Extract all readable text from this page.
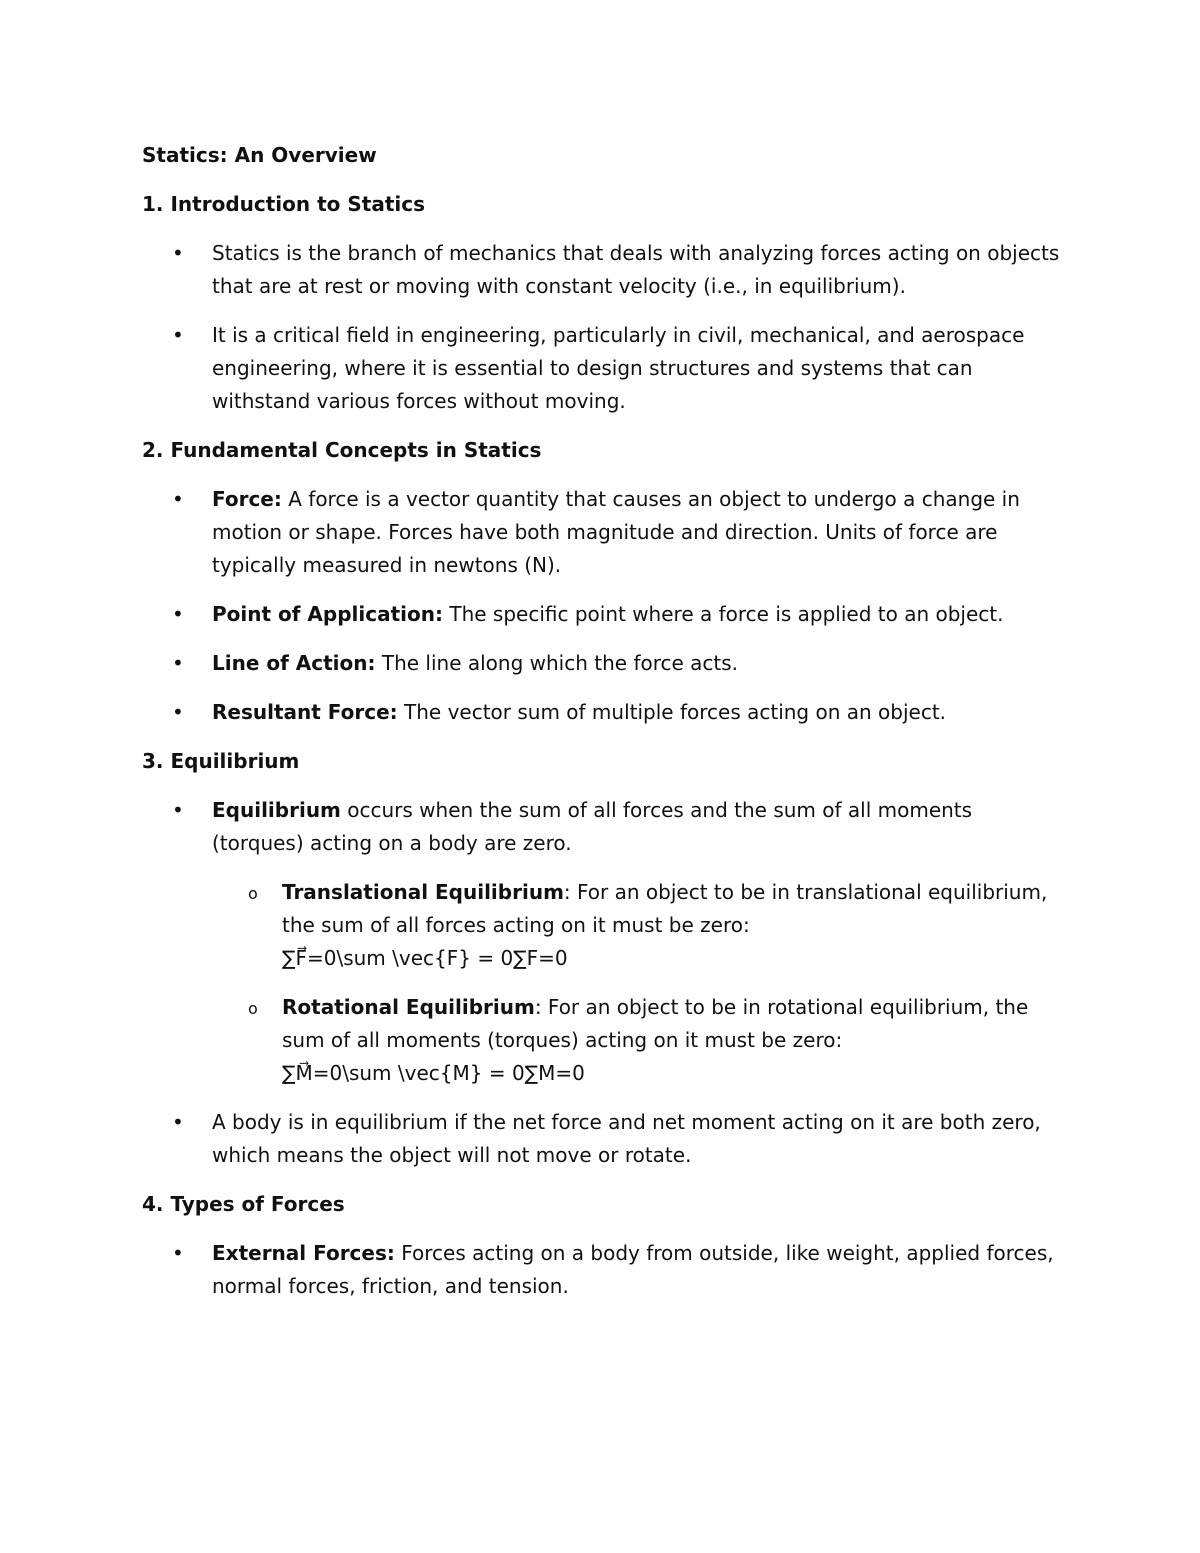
Statics: An Overview

1. Introduction to Statics

• Statics is the branch of mechanics that deals with analyzing forces acting on objects that are at rest or moving with constant velocity (i.e., in equilibrium).
• It is a critical field in engineering, particularly in civil, mechanical, and aerospace engineering, where it is essential to design structures and systems that can withstand various forces without moving.

2. Fundamental Concepts in Statics

• Force: A force is a vector quantity that causes an object to undergo a change in motion or shape. Forces have both magnitude and direction. Units of force are typically measured in newtons (N).
• Point of Application: The specific point where a force is applied to an object.
• Line of Action: The line along which the force acts.
• Resultant Force: The vector sum of multiple forces acting on an object.

3. Equilibrium

• Equilibrium occurs when the sum of all forces and the sum of all moments (torques) acting on a body are zero.
o Translational Equilibrium: For an object to be in translational equilibrium, the sum of all forces acting on it must be zero:
∑F⃗=0\sum \vec{F} = 0∑F=0
o Rotational Equilibrium: For an object to be in rotational equilibrium, the sum of all moments (torques) acting on it must be zero:
∑M⃗=0\sum \vec{M} = 0∑M=0
• A body is in equilibrium if the net force and net moment acting on it are both zero, which means the object will not move or rotate.

4. Types of Forces

• External Forces: Forces acting on a body from outside, like weight, applied forces, normal forces, friction, and tension.
